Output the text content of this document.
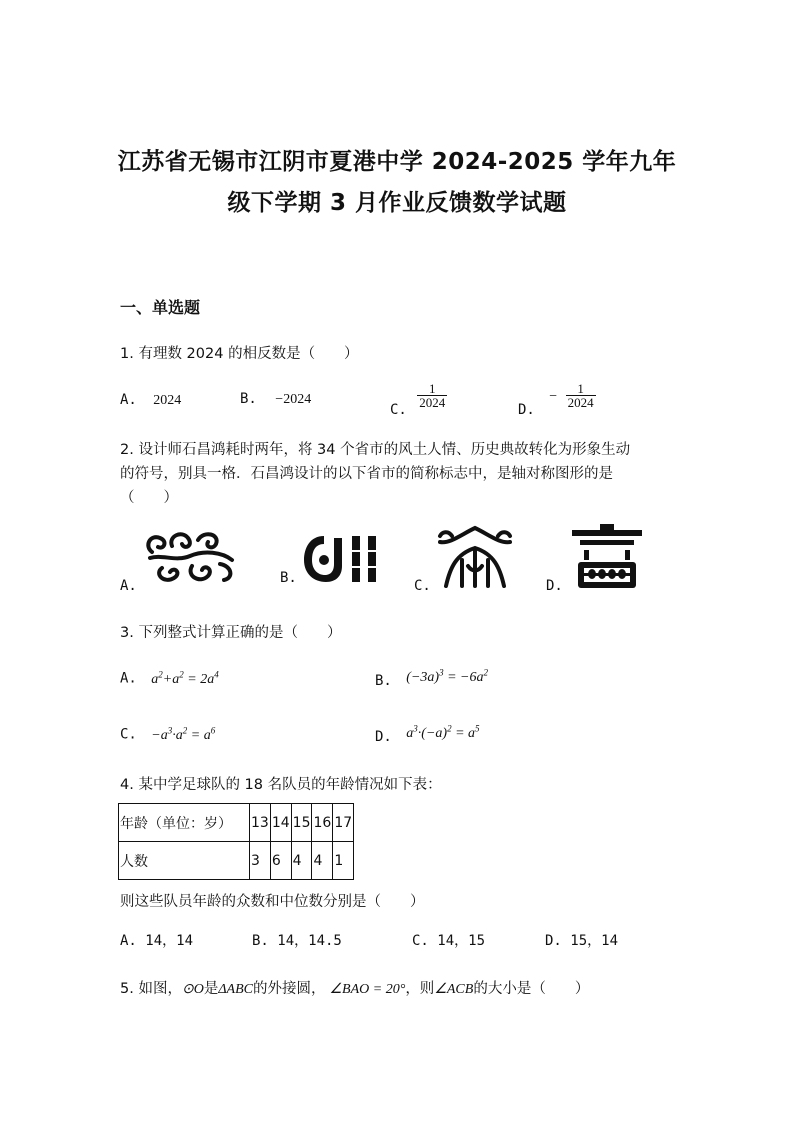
江苏省无锡市江阴市夏港中学 2024-2025 学年九年
级下学期 3 月作业反馈数学试题
一、单选题
1. 有理数 2024 的相反数是（　　）
A. 2024	B. −2024
C.
$\frac{1}{2024}$
D. − $\frac{1}{2024}$
2. 设计师石昌鸿耗时两年，将 34 个省市的风土人情、历史典故转化为形象生动
的符号，别具一格．石昌鸿设计的以下省市的简称标志中，是轴对称图形的是
（　　）
A.	B.	C.	D.
3. 下列整式计算正确的是（　　）
A. $a^2+a^2 = 2a^4$	B. $(-3a)^3 = -6a^2$
C. $-a^3\cdot a^2 = a^6$	D. $a^3\cdot(-a)^2 = a^5$
4. 某中学足球队的 18 名队员的年龄情况如下表：
年龄（单位：岁）	13	14	15	16	17
人数	3	6	4	4	1
则这些队员年龄的众数和中位数分别是（　　）
A. 14，14	B. 14，14.5	C. 14，15	D. 15，14
5. 如图，⊙O是ΔABC的外接圆， ∠BAO = 20°，则∠ACB的大小是（　　）
